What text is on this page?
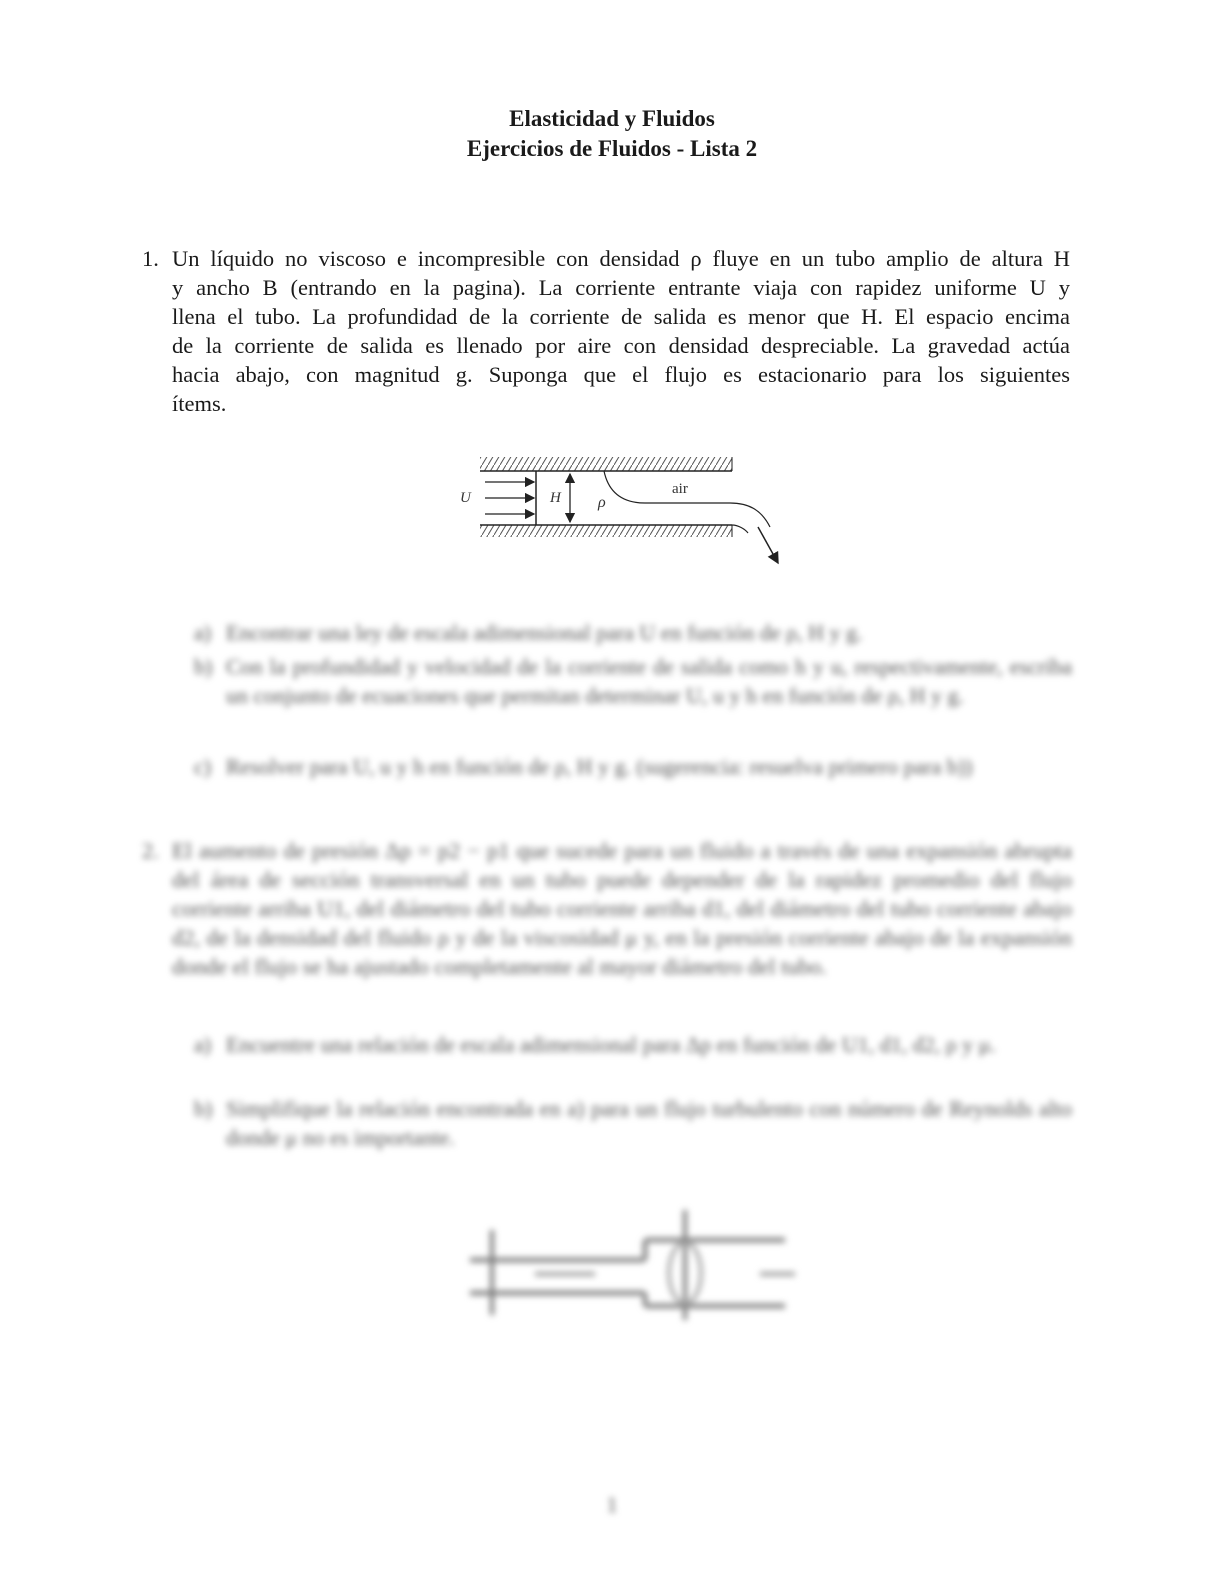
Elasticidad y Fluidos
Ejercicios de Fluidos - Lista 2
1. Un líquido no viscoso e incompresible con densidad ρ fluye en un tubo amplio de altura H
y ancho B (entrando en la pagina). La corriente entrante viaja con rapidez uniforme U y
llena el tubo. La profundidad de la corriente de salida es menor que H. El espacio encima
de la corriente de salida es llenado por aire con densidad despreciable. La gravedad actúa
hacia abajo, con magnitud g. Suponga que el flujo es estacionario para los siguientes
ítems.
U	H ρ
air
a) Encontrar una ley de escala adimensional para U en función de ρ, H y g.
b) Con la profundidad y velocidad de la corriente de salida como h y u, respectivamente, escriba un conjunto de ecuaciones que permitan determinar U, u y h en función de ρ, H y g.
c) Resolver para U, u y h en función de ρ, H y g. (sugerencia: resuelva primero para b))
2. El aumento de presión Δp = p2 − p1 que sucede para un fluido a través de una expansión abrupta del área de sección transversal en un tubo puede depender de la rapidez promedio del flujo corriente arriba U1, del diámetro del tubo corriente arriba d1, del diámetro del tubo corriente abajo d2, de la densidad del fluido ρ y de la viscosidad μ y, en la presión corriente abajo de la expansión donde el flujo se ha ajustado completamente al mayor diámetro del tubo.
a) Encuentre una relación de escala adimensional para Δp en función de U1, d1, d2, ρ y μ.
b) Simplifique la relación encontrada en a) para un flujo turbulento con número de Reynolds alto donde μ no es importante.
1
